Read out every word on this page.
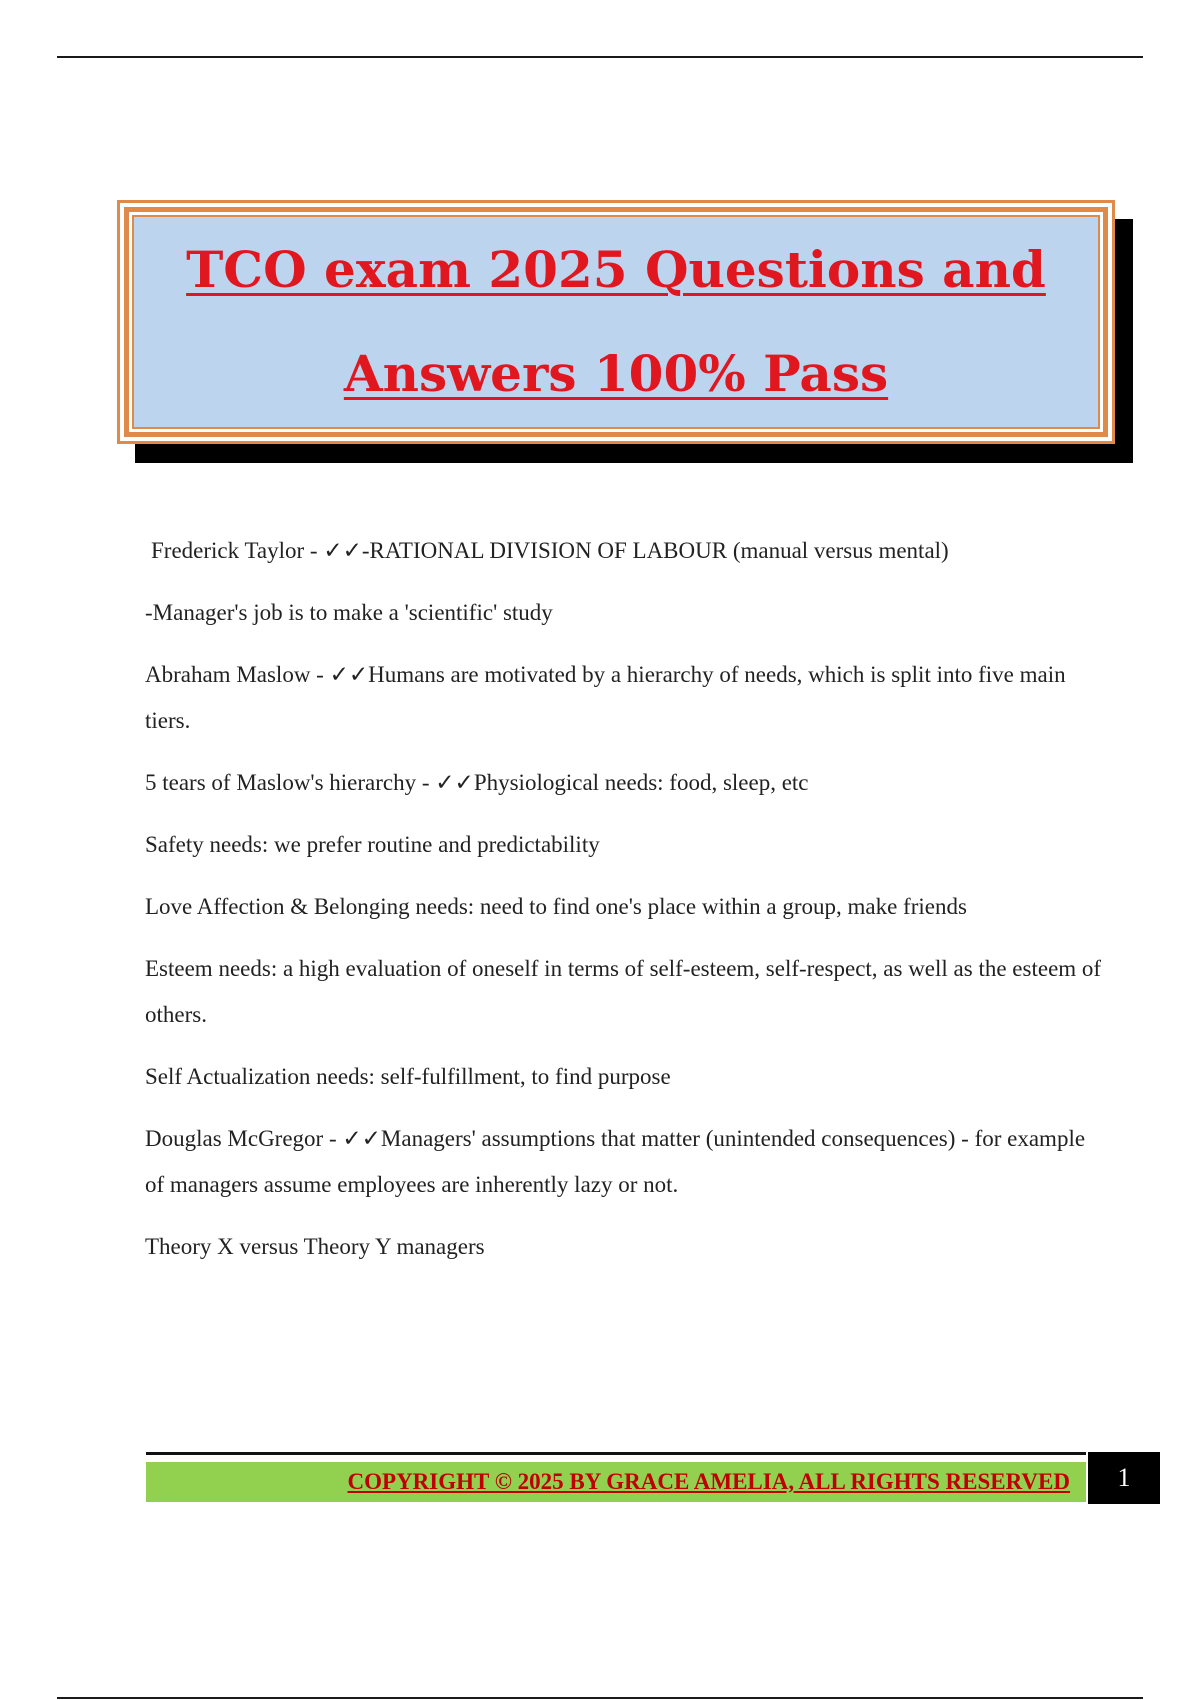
TCO exam 2025 Questions and
Answers 100% Pass

Frederick Taylor - ✓✓-RATIONAL DIVISION OF LABOUR (manual versus mental)

-Manager's job is to make a 'scientific' study

Abraham Maslow - ✓✓Humans are motivated by a hierarchy of needs, which is split into five main tiers.

5 tears of Maslow's hierarchy - ✓✓Physiological needs: food, sleep, etc

Safety needs: we prefer routine and predictability

Love Affection & Belonging needs: need to find one's place within a group, make friends

Esteem needs: a high evaluation of oneself in terms of self-esteem, self-respect, as well as the esteem of others.

Self Actualization needs: self-fulfillment, to find purpose

Douglas McGregor - ✓✓Managers' assumptions that matter (unintended consequences) - for example of managers assume employees are inherently lazy or not.

Theory X versus Theory Y managers

COPYRIGHT © 2025 BY GRACE AMELIA, ALL RIGHTS RESERVED	1
